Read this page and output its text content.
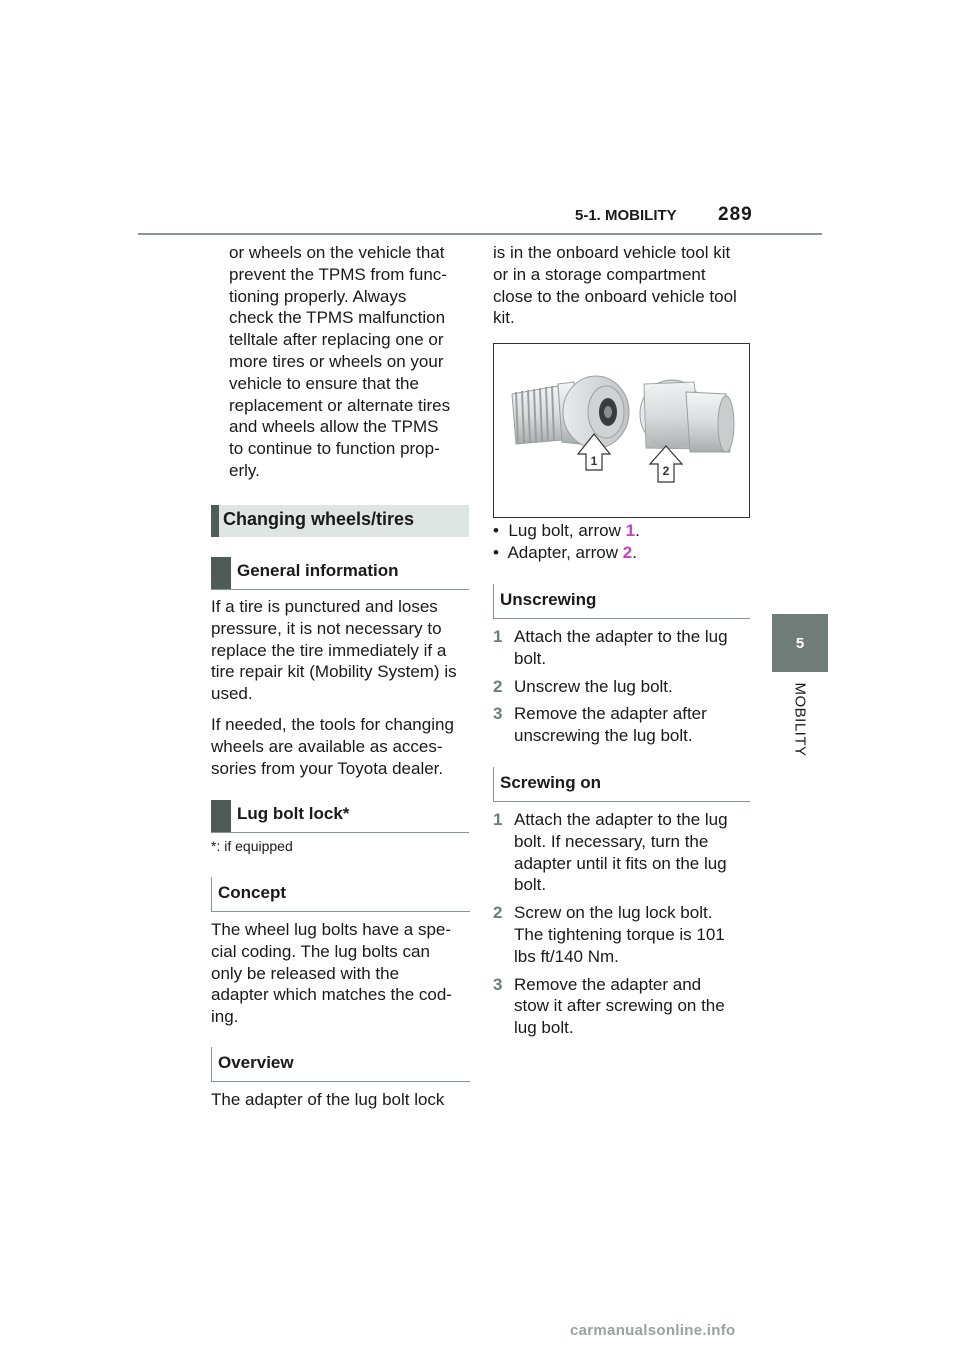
5-1. MOBILITY 289
5
MOBILITY
or wheels on the vehicle that
prevent the TPMS from func-
tioning properly. Always
check the TPMS malfunction
telltale after replacing one or
more tires or wheels on your
vehicle to ensure that the
replacement or alternate tires
and wheels allow the TPMS
to continue to function prop-
erly.
Changing wheels/tires
General information

If a tire is punctured and loses
pressure, it is not necessary to
replace the tire immediately if a
tire repair kit (Mobility System) is
used.

If needed, the tools for changing
wheels are available as acces-
sories from your Toyota dealer.

Lug bolt lock*
*: if equipped
Concept

The wheel lug bolts have a spe-
cial coding. The lug bolts can
only be released with the
adapter which matches the cod-
ing.

Overview
The adapter of the lug bolt lock
is in the onboard vehicle tool kit
or in a storage compartment
close to the onboard vehicle tool
kit.
1
2
•  Lug bolt, arrow 1.
•  Adapter, arrow 2.
Unscrewing
1 Attach the adapter to the lug
bolt.
2 Unscrew the lug bolt.
3 Remove the adapter after
unscrewing the lug bolt.
Screwing on
1 Attach the adapter to the lug
bolt. If necessary, turn the
adapter until it fits on the lug
bolt.
2 Screw on the lug lock bolt.
The tightening torque is 101
lbs ft/140 Nm.
3 Remove the adapter and
stow it after screwing on the
lug bolt.
carmanualsonline.info
